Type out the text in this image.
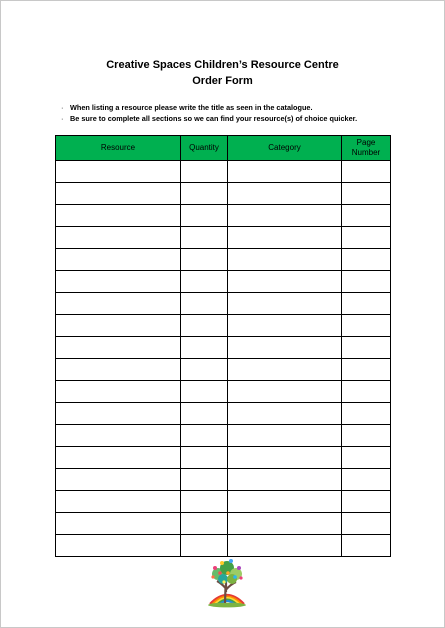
Creative Spaces Children’s Resource Centre
Order Form
· When listing a resource please write the title as seen in the catalogue.
· Be sure to complete all sections so we can find your resource(s) of choice quicker.
Resource	Quantity	Category	Page Number
